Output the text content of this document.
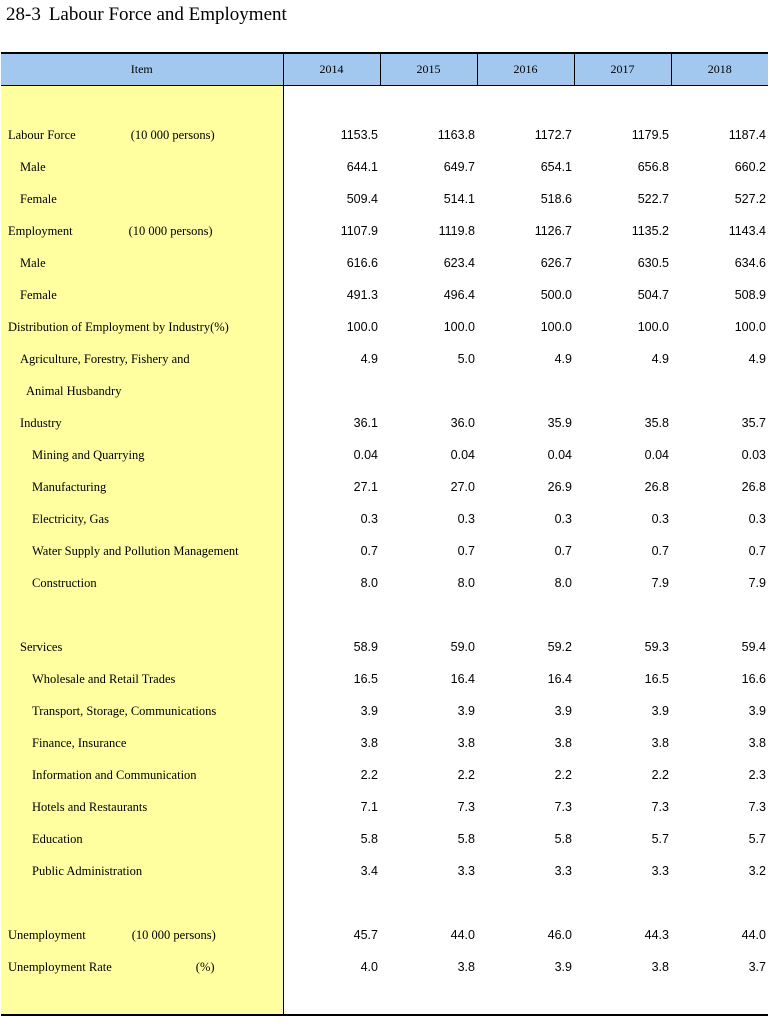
28-3 Labour Force and Employment
Item	2014	2015	2016	2017	2018

Labour Force (10 000 persons)	1153.5	1163.8	1172.7	1179.5	1187.4

Male	644.1	649.7	654.1	656.8	660.2

Female	509.4	514.1	518.6	522.7	527.2

Employment (10 000 persons)	1107.9	1119.8	1126.7	1135.2	1143.4

Male	616.6	623.4	626.7	630.5	634.6

Female	491.3	496.4	500.0	504.7	508.9

Distribution of Employment by Industry(%)	100.0	100.0	100.0	100.0	100.0

Agriculture, Forestry, Fishery and	4.9	5.0	4.9	4.9	4.9

Animal Husbandry					

Industry	36.1	36.0	35.9	35.8	35.7

Mining and Quarrying	0.04	0.04	0.04	0.04	0.03

Manufacturing	27.1	27.0	26.9	26.8	26.8

Electricity, Gas	0.3	0.3	0.3	0.3	0.3

Water Supply and Pollution Management	0.7	0.7	0.7	0.7	0.7

Construction	8.0	8.0	8.0	7.9	7.9

Services	58.9	59.0	59.2	59.3	59.4

Wholesale and Retail Trades	16.5	16.4	16.4	16.5	16.6

Transport, Storage, Communications	3.9	3.9	3.9	3.9	3.9

Finance, Insurance	3.8	3.8	3.8	3.8	3.8

Information and Communication	2.2	2.2	2.2	2.2	2.3

Hotels and Restaurants	7.1	7.3	7.3	7.3	7.3

Education	5.8	5.8	5.8	5.7	5.7

Public Administration	3.4	3.3	3.3	3.3	3.2

Unemployment (10 000 persons)	45.7	44.0	46.0	44.3	44.0

Unemployment Rate (%)	4.0	3.8	3.9	3.8	3.7
